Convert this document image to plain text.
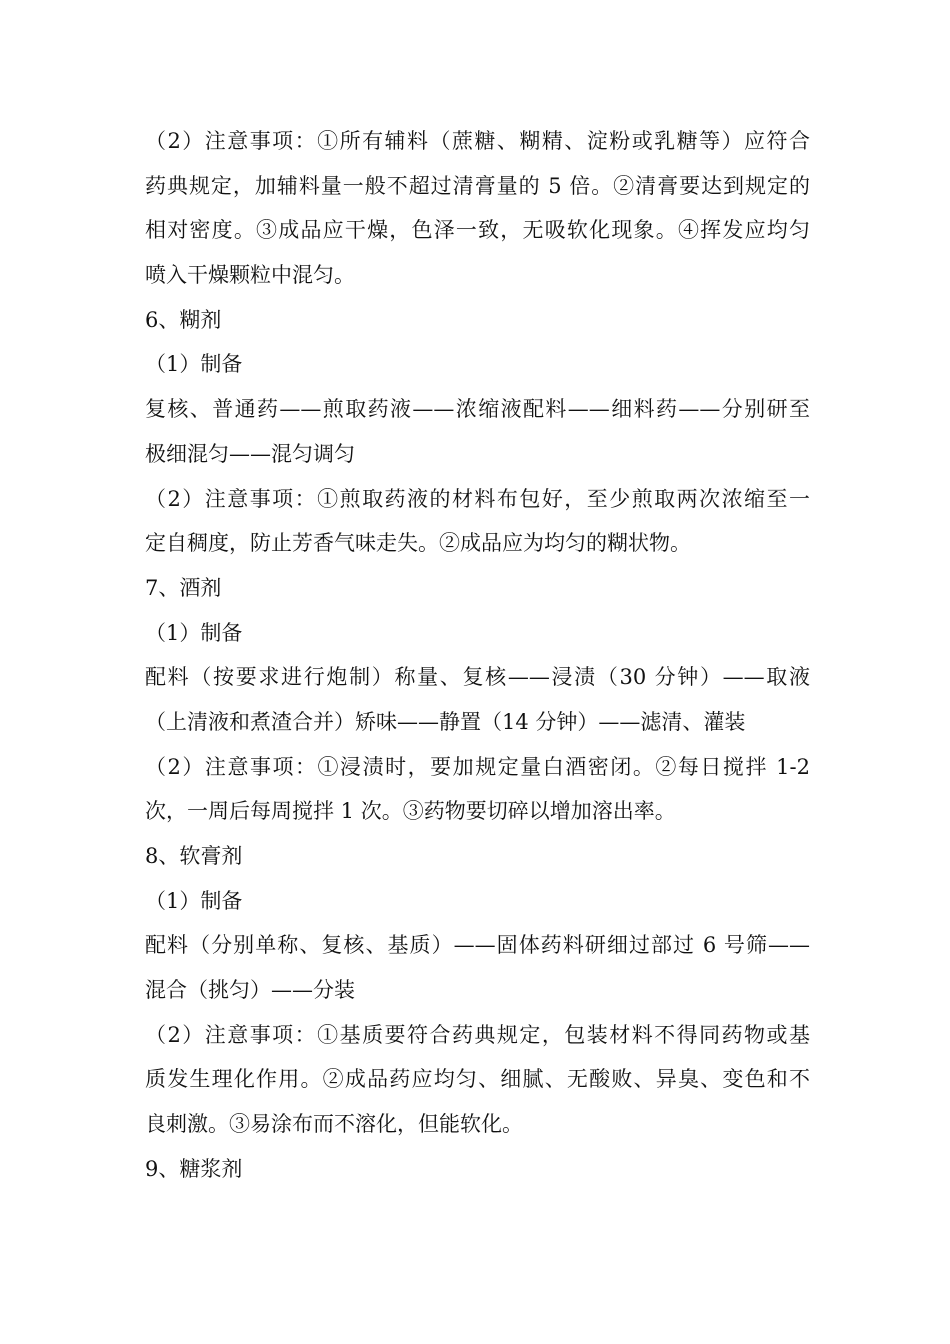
（2）注意事项：①所有辅料（蔗糖、糊精、淀粉或乳糖等）应符合
药典规定，加辅料量一般不超过清膏量的 5 倍。②清膏要达到规定的
相对密度。③成品应干燥，色泽一致，无吸软化现象。④挥发应均匀
喷入干燥颗粒中混匀。
6、糊剂
（1）制备
复核、普通药——煎取药液——浓缩液配料——细料药——分别研至
极细混匀——混匀调匀
（2）注意事项：①煎取药液的材料布包好，至少煎取两次浓缩至一
定自稠度，防止芳香气味走失。②成品应为均匀的糊状物。
7、酒剂
（1）制备
配料（按要求进行炮制）称量、复核——浸渍（30 分钟）——取液
（上清液和煮渣合并）矫味——静置（14 分钟）——滤清、灌装
（2）注意事项：①浸渍时，要加规定量白酒密闭。②每日搅拌 1-2
次，一周后每周搅拌 1 次。③药物要切碎以增加溶出率。
8、软膏剂
（1）制备
配料（分别单称、复核、基质）——固体药料研细过部过 6 号筛——
混合（挑匀）——分装
（2）注意事项：①基质要符合药典规定，包装材料不得同药物或基
质发生理化作用。②成品药应均匀、细腻、无酸败、异臭、变色和不
良刺激。③易涂布而不溶化，但能软化。
9、糖浆剂
